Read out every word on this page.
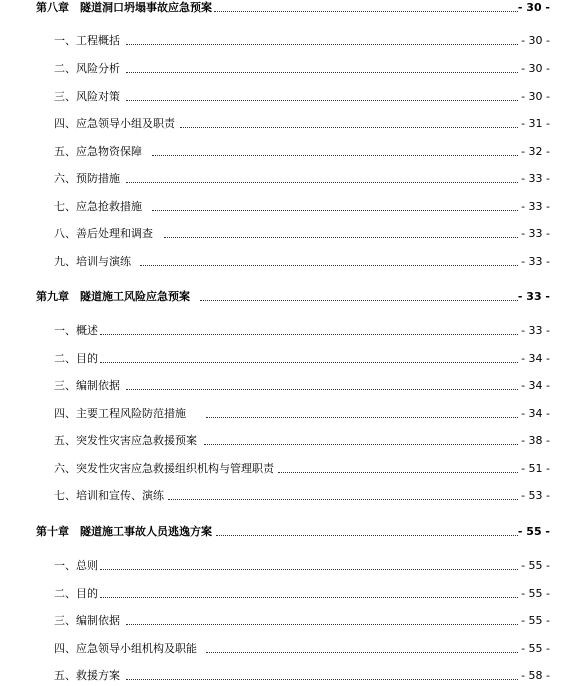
第八章　隧道洞口坍塌事故应急预案	- 30 -
一、工程概括	- 30 -
二、风险分析	- 30 -
三、风险对策	- 30 -
四、应急领导小组及职责	- 31 -
五、应急物资保障	- 32 -
六、预防措施	- 33 -
七、应急抢救措施	- 33 -
八、善后处理和调查	- 33 -
九、培训与演练	- 33 -
第九章　隧道施工风险应急预案	- 33 -
一、概述	- 33 -
二、目的	- 34 -
三、编制依据	- 34 -
四、主要工程风险防范措施	- 34 -
五、突发性灾害应急救援预案	- 38 -
六、突发性灾害应急救援组织机构与管理职责	- 51 -
七、培训和宣传、演练	- 53 -
第十章　隧道施工事故人员逃逸方案	- 55 -
一、总则	- 55 -
二、目的	- 55 -
三、编制依据	- 55 -
四、应急领导小组机构及职能	- 55 -
五、救援方案	- 58 -
